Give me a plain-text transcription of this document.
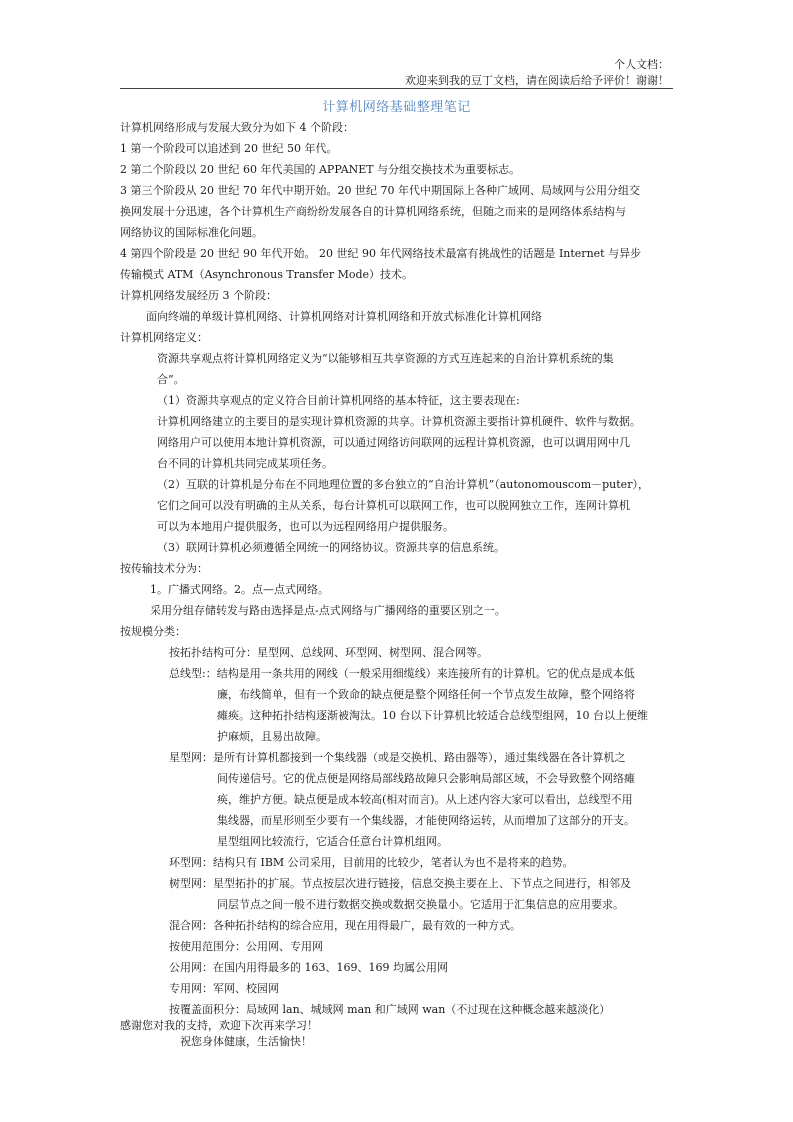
个人文档：
欢迎来到我的豆丁文档，请在阅读后给予评价！谢谢！
计算机网络基础整理笔记
计算机网络形成与发展大致分为如下 4 个阶段：
1 第一个阶段可以追述到 20 世纪 50 年代。
2 第二个阶段以 20 世纪 60 年代美国的 APPANET 与分组交换技术为重要标志。
3 第三个阶段从 20 世纪 70 年代中期开始。20 世纪 70 年代中期国际上各种广域网、局域网与公用分组交
换网发展十分迅速，各个计算机生产商纷纷发展各自的计算机网络系统，但随之而来的是网络体系结构与
网络协议的国际标准化问题。
4 第四个阶段是 20 世纪 90 年代开始。 20 世纪 90 年代网络技术最富有挑战性的话题是 Internet 与异步
传输模式 ATM（Asynchronous Transfer Mode）技术。
计算机网络发展经历 3 个阶段：
面向终端的单级计算机网络、计算机网络对计算机网络和开放式标准化计算机网络
计算机网络定义：
资源共享观点将计算机网络定义为“以能够相互共享资源的方式互连起来的自治计算机系统的集
合”。
（1）资源共享观点的定义符合目前计算机网络的基本特征，这主要表现在:
计算机网络建立的主要目的是实现计算机资源的共享。计算机资源主要指计算机硬件、软件与数据。
网络用户可以使用本地计算机资源，可以通过网络访问联网的远程计算机资源，也可以调用网中几
台不同的计算机共同完成某项任务。
（2）互联的计算机是分布在不同地理位置的多台独立的“自治计算机”（autonomouscom－puter），
它们之间可以没有明确的主从关系，每台计算机可以联网工作，也可以脱网独立工作，连网计算机
可以为本地用户提供服务，也可以为远程网络用户提供服务。
（3）联网计算机必须遵循全网统一的网络协议。资源共享的信息系统。
按传输技术分为：
1。广播式网络。2。点—点式网络。
采用分组存储转发与路由选择是点-点式网络与广播网络的重要区别之一。
按规模分类：
按拓扑结构可分：星型网、总线网、环型网、树型网、混合网等。
总线型:：结构是用一条共用的网线（一般采用细缆线）来连接所有的计算机。它的优点是成本低
廉，布线简单，但有一个致命的缺点便是整个网络任何一个节点发生故障，整个网络将
瘫痪。这种拓扑结构逐渐被淘汰。10 台以下计算机比较适合总线型组网，10 台以上便维
护麻烦，且易出故障。
星型网：是所有计算机都接到一个集线器（或是交换机、路由器等），通过集线器在各计算机之
间传递信号。它的优点便是网络局部线路故障只会影响局部区域，不会导致整个网络瘫
痪，维护方便。缺点便是成本较高(相对而言)。从上述内容大家可以看出，总线型不用
集线器，而星形则至少要有一个集线器，才能使网络运转，从而增加了这部分的开支。
星型组网比较流行，它适合任意台计算机组网。
环型网：结构只有 IBM 公司采用，目前用的比较少，笔者认为也不是将来的趋势。
树型网：星型拓扑的扩展。节点按层次进行链接，信息交换主要在上、下节点之间进行，相邻及
同层节点之间一般不进行数据交换或数据交换量小。它适用于汇集信息的应用要求。
混合网：各种拓扑结构的综合应用，现在用得最广，最有效的一种方式。
按使用范围分：公用网、专用网
公用网：在国内用得最多的 163、169、169 均属公用网
专用网：军网、校园网
按覆盖面积分：局域网 lan、城域网 man 和广域网 wan（不过现在这种概念越来越淡化）
感谢您对我的支持，欢迎下次再来学习！
祝您身体健康，生活愉快！
